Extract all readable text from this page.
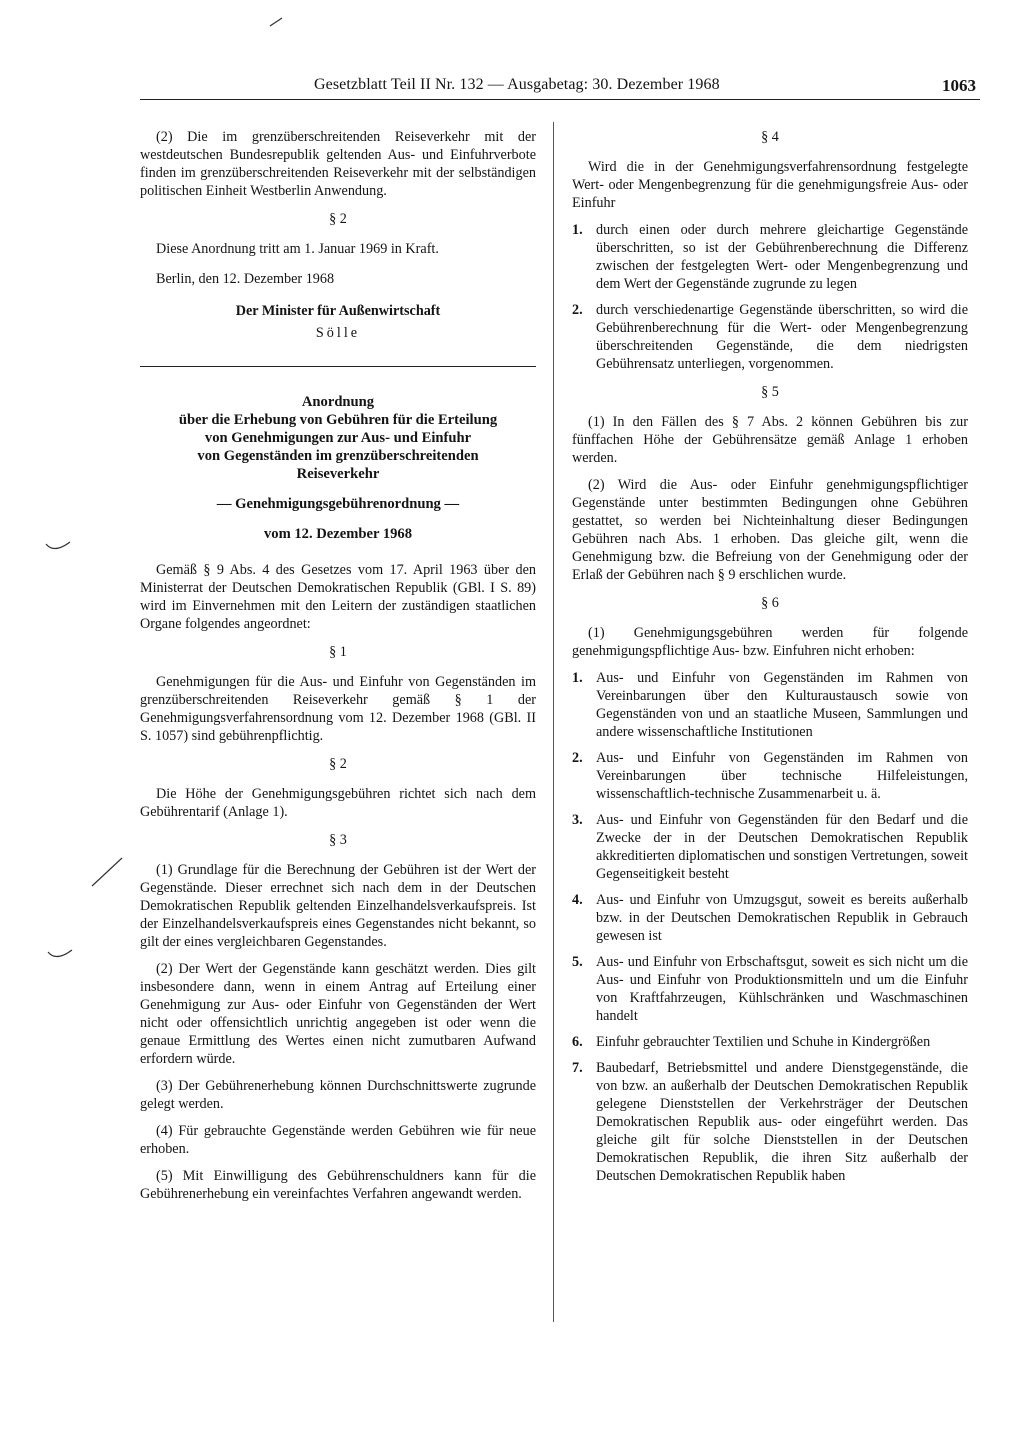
Gesetzblatt Teil II Nr. 132 — Ausgabetag: 30. Dezember 1968	1063

(2) Die im grenzüberschreitenden Reiseverkehr mit der westdeutschen Bundesrepublik geltenden Aus- und Einfuhrverbote finden im grenzüberschreitenden Reiseverkehr mit der selbständigen politischen Einheit Westberlin Anwendung.

§ 2

Diese Anordnung tritt am 1. Januar 1969 in Kraft.

Berlin, den 12. Dezember 1968

Der Minister für Außenwirtschaft

Sölle

Anordnung
über die Erhebung von Gebühren für die Erteilung
von Genehmigungen zur Aus- und Einfuhr
von Gegenständen im grenzüberschreitenden
Reiseverkehr

— Genehmigungsgebührenordnung —

vom 12. Dezember 1968

Gemäß § 9 Abs. 4 des Gesetzes vom 17. April 1963 über den Ministerrat der Deutschen Demokratischen Republik (GBl. I S. 89) wird im Einvernehmen mit den Leitern der zuständigen staatlichen Organe folgendes angeordnet:

§ 1

Genehmigungen für die Aus- und Einfuhr von Gegenständen im grenzüberschreitenden Reiseverkehr gemäß § 1 der Genehmigungsverfahrensordnung vom 12. Dezember 1968 (GBl. II S. 1057) sind gebührenpflichtig.

§ 2

Die Höhe der Genehmigungsgebühren richtet sich nach dem Gebührentarif (Anlage 1).

§ 3

(1) Grundlage für die Berechnung der Gebühren ist der Wert der Gegenstände. Dieser errechnet sich nach dem in der Deutschen Demokratischen Republik geltenden Einzelhandelsverkaufspreis. Ist der Einzelhandelsverkaufspreis eines Gegenstandes nicht bekannt, so gilt der eines vergleichbaren Gegenstandes.

(2) Der Wert der Gegenstände kann geschätzt werden. Dies gilt insbesondere dann, wenn in einem Antrag auf Erteilung einer Genehmigung zur Aus- oder Einfuhr von Gegenständen der Wert nicht oder offensichtlich unrichtig angegeben ist oder wenn die genaue Ermittlung des Wertes einen nicht zumutbaren Aufwand erfordern würde.

(3) Der Gebührenerhebung können Durchschnittswerte zugrunde gelegt werden.

(4) Für gebrauchte Gegenstände werden Gebühren wie für neue erhoben.

(5) Mit Einwilligung des Gebührenschuldners kann für die Gebührenerhebung ein vereinfachtes Verfahren angewandt werden.

§ 4

Wird die in der Genehmigungsverfahrensordnung festgelegte Wert- oder Mengenbegrenzung für die genehmigungsfreie Aus- oder Einfuhr

1. durch einen oder durch mehrere gleichartige Gegenstände überschritten, so ist der Gebührenberechnung die Differenz zwischen der festgelegten Wert- oder Mengenbegrenzung und dem Wert der Gegenstände zugrunde zu legen
2. durch verschiedenartige Gegenstände überschritten, so wird die Gebührenberechnung für die Wert- oder Mengenbegrenzung überschreitenden Gegenstände, die dem niedrigsten Gebührensatz unterliegen, vorgenommen.

§ 5

(1) In den Fällen des § 7 Abs. 2 können Gebühren bis zur fünffachen Höhe der Gebührensätze gemäß Anlage 1 erhoben werden.

(2) Wird die Aus- oder Einfuhr genehmigungspflichtiger Gegenstände unter bestimmten Bedingungen ohne Gebühren gestattet, so werden bei Nichteinhaltung dieser Bedingungen Gebühren nach Abs. 1 erhoben. Das gleiche gilt, wenn die Genehmigung bzw. die Befreiung von der Genehmigung oder der Erlaß der Gebühren nach § 9 erschlichen wurde.

§ 6

(1) Genehmigungsgebühren werden für folgende genehmigungspflichtige Aus- bzw. Einfuhren nicht erhoben:

1. Aus- und Einfuhr von Gegenständen im Rahmen von Vereinbarungen über den Kulturaustausch sowie von Gegenständen von und an staatliche Museen, Sammlungen und andere wissenschaftliche Institutionen
2. Aus- und Einfuhr von Gegenständen im Rahmen von Vereinbarungen über technische Hilfeleistungen, wissenschaftlich-technische Zusammenarbeit u. ä.
3. Aus- und Einfuhr von Gegenständen für den Bedarf und die Zwecke der in der Deutschen Demokratischen Republik akkreditierten diplomatischen und sonstigen Vertretungen, soweit Gegenseitigkeit besteht
4. Aus- und Einfuhr von Umzugsgut, soweit es bereits außerhalb bzw. in der Deutschen Demokratischen Republik in Gebrauch gewesen ist
5. Aus- und Einfuhr von Erbschaftsgut, soweit es sich nicht um die Aus- und Einfuhr von Produktionsmitteln und um die Einfuhr von Kraftfahrzeugen, Kühlschränken und Waschmaschinen handelt
6. Einfuhr gebrauchter Textilien und Schuhe in Kindergrößen
7. Baubedarf, Betriebsmittel und andere Dienstgegenstände, die von bzw. an außerhalb der Deutschen Demokratischen Republik gelegene Dienststellen der Verkehrsträger der Deutschen Demokratischen Republik aus- oder eingeführt werden. Das gleiche gilt für solche Dienststellen in der Deutschen Demokratischen Republik, die ihren Sitz außerhalb der Deutschen Demokratischen Republik haben
